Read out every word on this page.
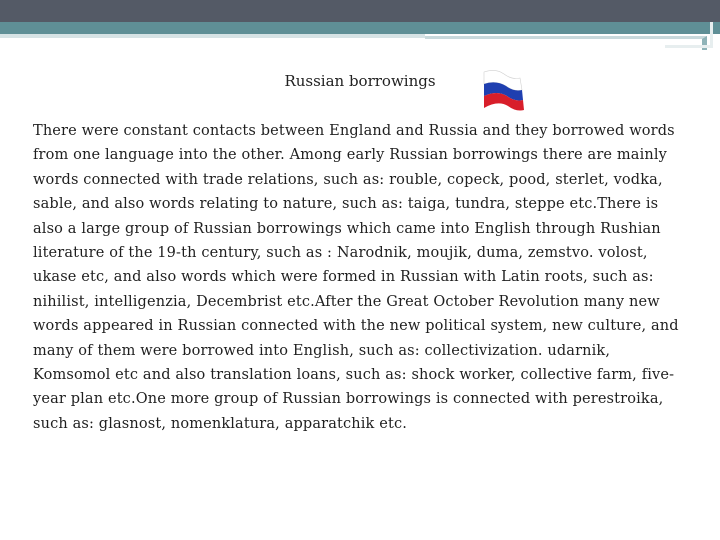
Russian borrowings
There were constant contacts between England and Russia and they borrowed words from one language into the other. Among early Russian borrowings there are mainly words connected with trade relations, such as: rouble, copeck, pood, sterlet, vodka, sable, and also words relating to nature, such as: taiga, tundra, steppe etc.There is also a large group of Russian borrowings which came into English through Rushian literature of the 19-th century, such as : Narodnik, moujik, duma, zemstvo. volost, ukase etc, and also words which were formed in Russian with Latin roots, such as: nihilist, intelligenzia, Decembrist etc.After the Great October Revolution many new words appeared in Russian connected with the new political system, new culture, and many of them were borrowed into English, such as: collectivization. udarnik, Komsomol etc and also translation loans, such as: shock worker, collective farm, five-year plan etc.One more group of Russian borrowings is connected with perestroika, such as: glasnost, nomenklatura, apparatchik etc.
